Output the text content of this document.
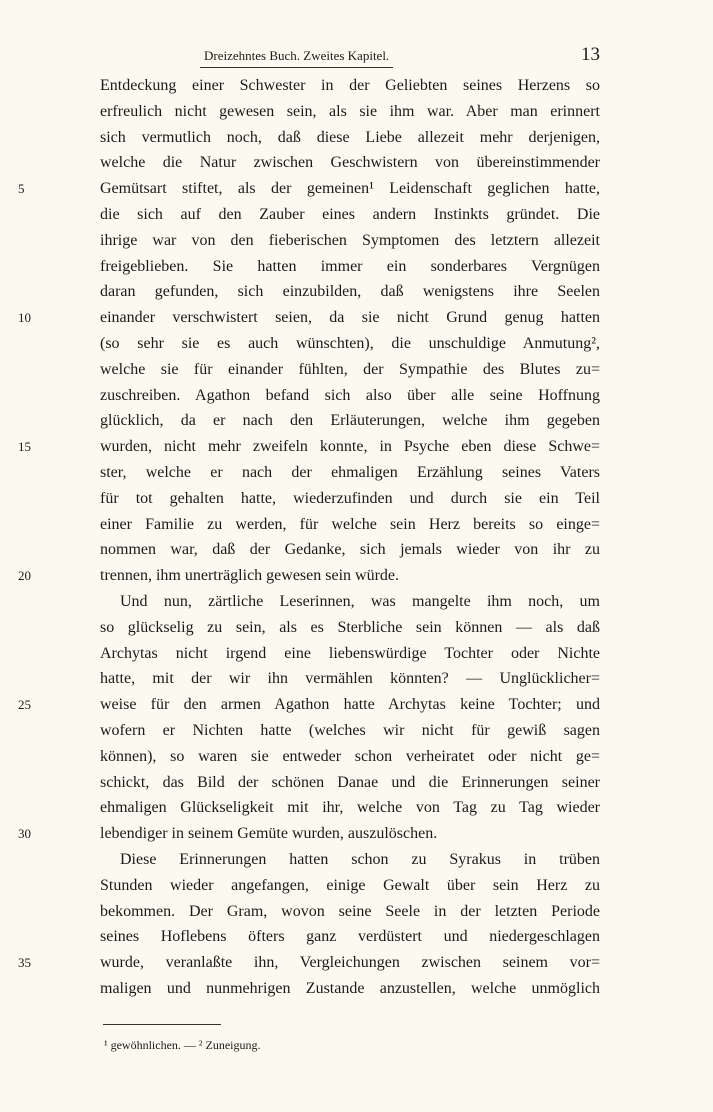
Dreizehntes Buch. Zweites Kapitel.	13
Entdeckung einer Schwester in der Geliebten seines Herzens so
erfreulich nicht gewesen sein, als sie ihm war. Aber man erinnert
sich vermutlich noch, daß diese Liebe allezeit mehr derjenigen,
welche die Natur zwischen Geschwistern von übereinstimmender
5	Gemütsart stiftet, als der gemeinen¹ Leidenschaft geglichen hatte,
die sich auf den Zauber eines andern Instinkts gründet. Die
ihrige war von den fieberischen Symptomen des letztern allezeit
freigeblieben. Sie hatten immer ein sonderbares Vergnügen
daran gefunden, sich einzubilden, daß wenigstens ihre Seelen
10	einander verschwistert seien, da sie nicht Grund genug hatten
(so sehr sie es auch wünschten), die unschuldige Anmutung²,
welche sie für einander fühlten, der Sympathie des Blutes zu=
zuschreiben. Agathon befand sich also über alle seine Hoffnung
glücklich, da er nach den Erläuterungen, welche ihm gegeben
15	wurden, nicht mehr zweifeln konnte, in Psyche eben diese Schwe=
ster, welche er nach der ehmaligen Erzählung seines Vaters
für tot gehalten hatte, wiederzufinden und durch sie ein Teil
einer Familie zu werden, für welche sein Herz bereits so einge=
nommen war, daß der Gedanke, sich jemals wieder von ihr zu
20	trennen, ihm unerträglich gewesen sein würde.
Und nun, zärtliche Leserinnen, was mangelte ihm noch, um
so glückselig zu sein, als es Sterbliche sein können — als daß
Archytas nicht irgend eine liebenswürdige Tochter oder Nichte
hatte, mit der wir ihn vermählen könnten? — Unglücklicher=
25	weise für den armen Agathon hatte Archytas keine Tochter; und
wofern er Nichten hatte (welches wir nicht für gewiß sagen
können), so waren sie entweder schon verheiratet oder nicht ge=
schickt, das Bild der schönen Danae und die Erinnerungen seiner
ehmaligen Glückseligkeit mit ihr, welche von Tag zu Tag wieder
30	lebendiger in seinem Gemüte wurden, auszulöschen.
Diese Erinnerungen hatten schon zu Syrakus in trüben
Stunden wieder angefangen, einige Gewalt über sein Herz zu
bekommen. Der Gram, wovon seine Seele in der letzten Periode
seines Hoflebens öfters ganz verdüstert und niedergeschlagen
35	wurde, veranlaßte ihn, Vergleichungen zwischen seinem vor=
maligen und nunmehrigen Zustande anzustellen, welche unmöglich
¹ gewöhnlichen. — ² Zuneigung.
